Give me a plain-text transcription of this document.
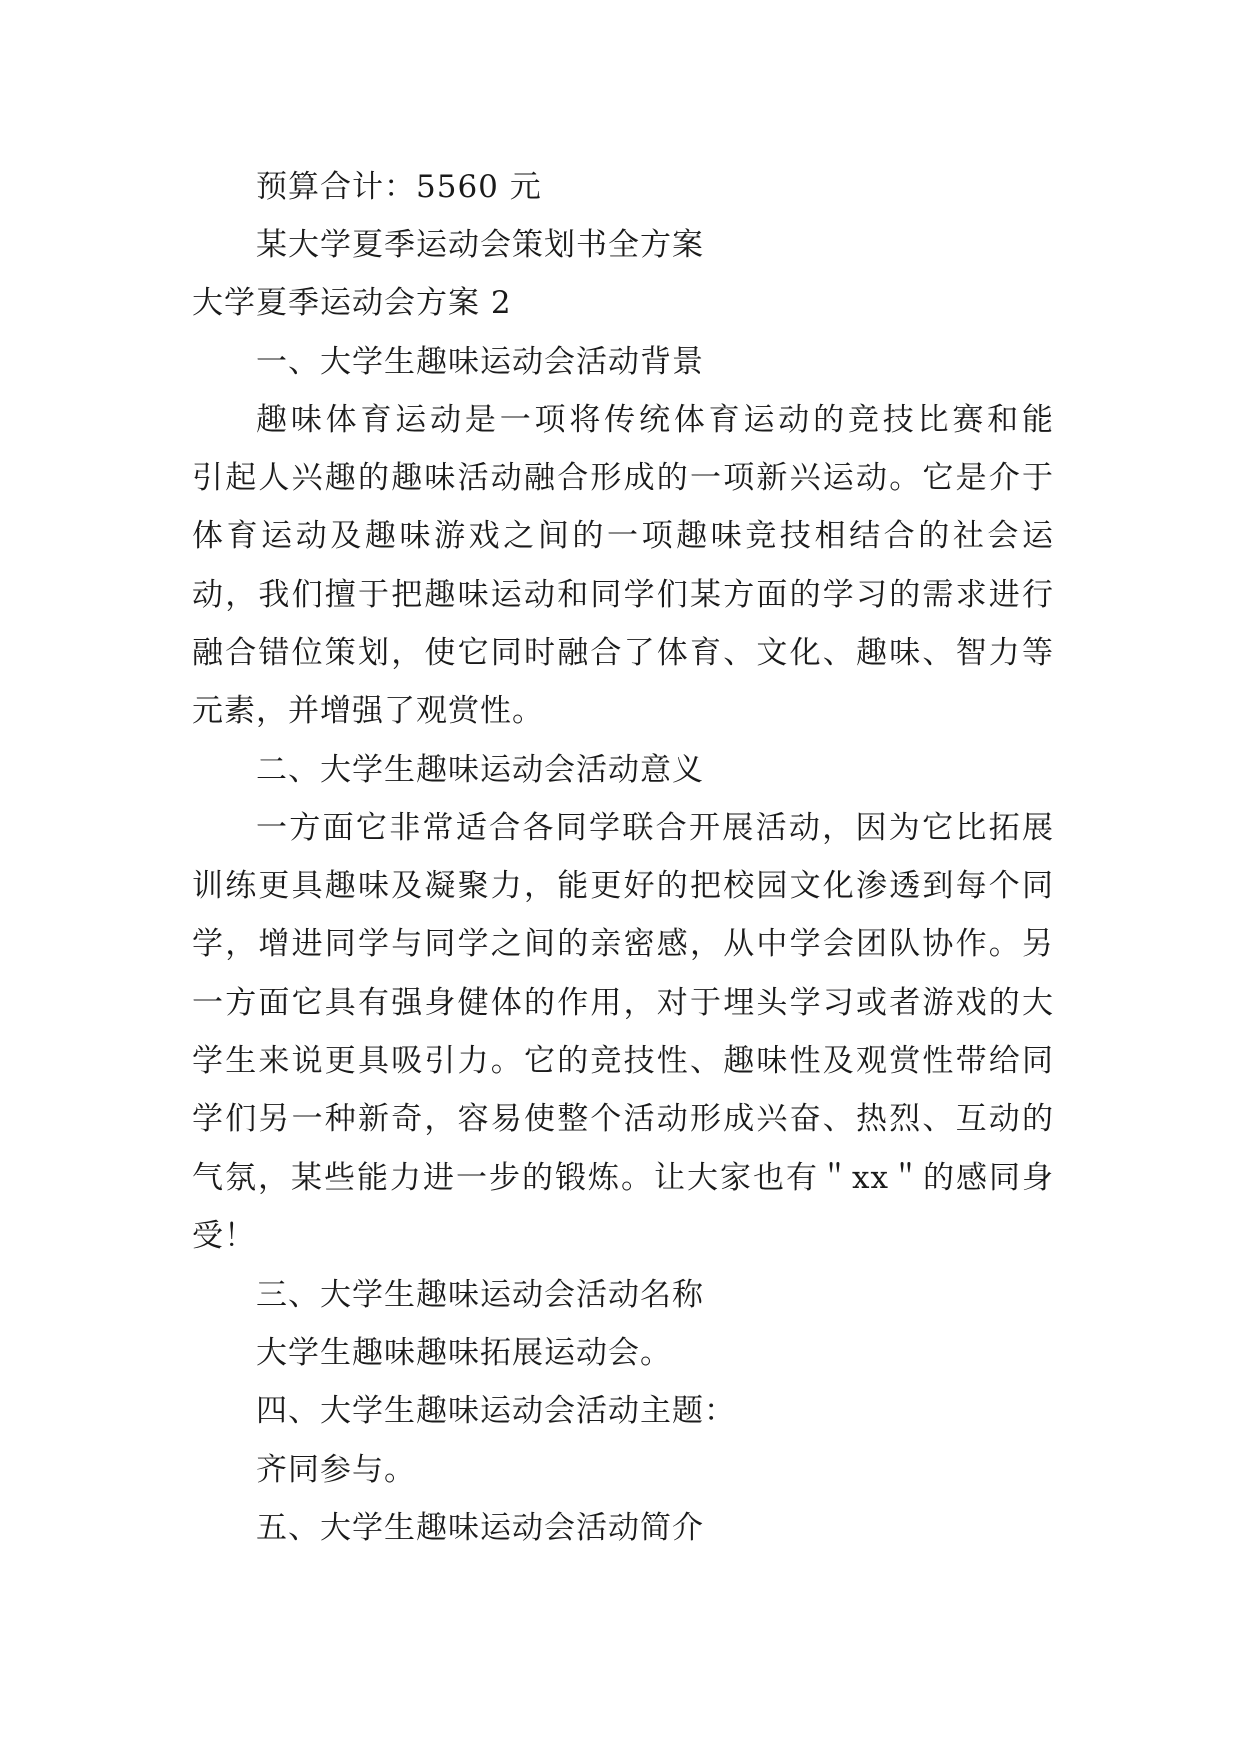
预算合计：5560 元
某大学夏季运动会策划书全方案
大学夏季运动会方案 2
一、大学生趣味运动会活动背景
趣味体育运动是一项将传统体育运动的竞技比赛和能
引起人兴趣的趣味活动融合形成的一项新兴运动。它是介于
体育运动及趣味游戏之间的一项趣味竞技相结合的社会运
动，我们擅于把趣味运动和同学们某方面的学习的需求进行
融合错位策划，使它同时融合了体育、文化、趣味、智力等
元素，并增强了观赏性。
二、大学生趣味运动会活动意义
一方面它非常适合各同学联合开展活动，因为它比拓展
训练更具趣味及凝聚力，能更好的把校园文化渗透到每个同
学，增进同学与同学之间的亲密感，从中学会团队协作。另
一方面它具有强身健体的作用，对于埋头学习或者游戏的大
学生来说更具吸引力。它的竞技性、趣味性及观赏性带给同
学们另一种新奇，容易使整个活动形成兴奋、热烈、互动的
气氛，某些能力进一步的锻炼。让大家也有＂xx＂的感同身
受！
三、大学生趣味运动会活动名称
大学生趣味趣味拓展运动会。
四、大学生趣味运动会活动主题：
齐同参与。
五、大学生趣味运动会活动简介
